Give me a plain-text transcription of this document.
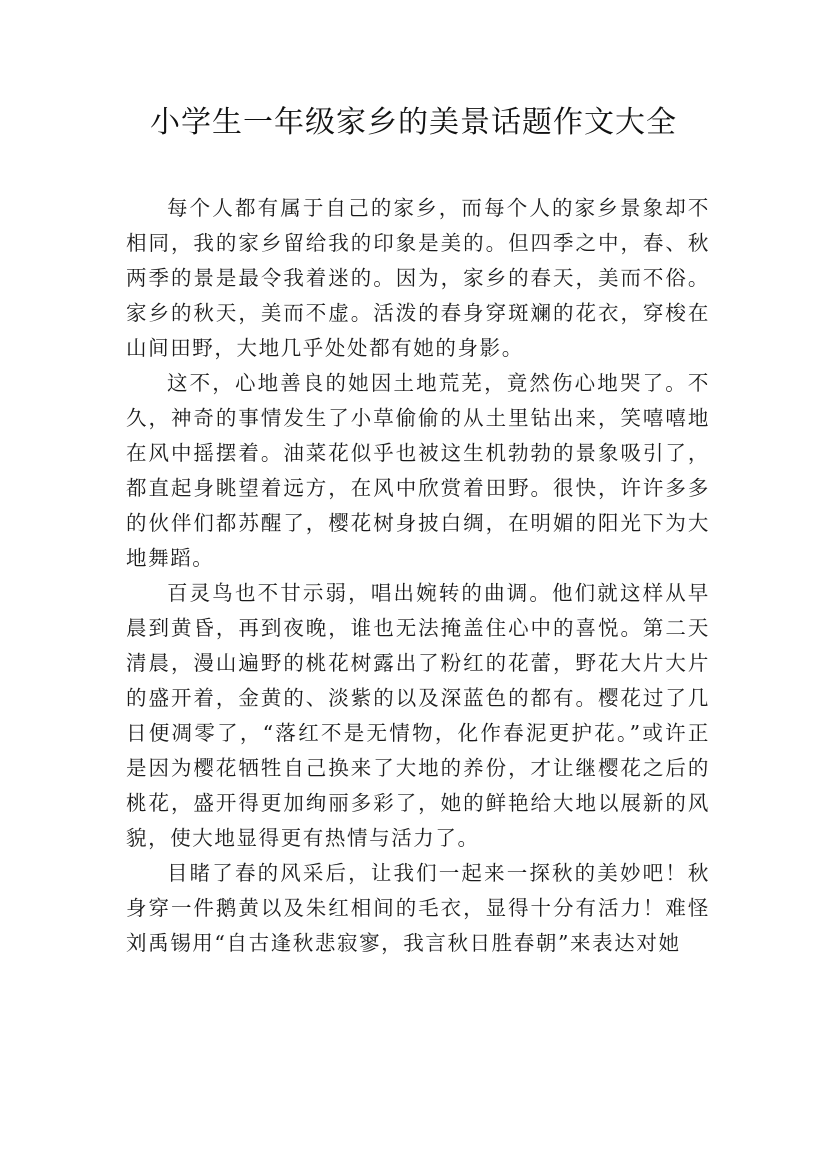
小学生一年级家乡的美景话题作文大全

每个人都有属于自己的家乡，而每个人的家乡景象却不相同，我的家乡留给我的印象是美的。但四季之中，春、秋两季的景是最令我着迷的。因为，家乡的春天，美而不俗。家乡的秋天，美而不虚。活泼的春身穿斑斓的花衣，穿梭在山间田野，大地几乎处处都有她的身影。

这不，心地善良的她因土地荒芜，竟然伤心地哭了。不久，神奇的事情发生了小草偷偷的从土里钻出来，笑嘻嘻地在风中摇摆着。油菜花似乎也被这生机勃勃的景象吸引了，都直起身眺望着远方，在风中欣赏着田野。很快，许许多多的伙伴们都苏醒了，樱花树身披白绸，在明媚的阳光下为大地舞蹈。

百灵鸟也不甘示弱，唱出婉转的曲调。他们就这样从早晨到黄昏，再到夜晚，谁也无法掩盖住心中的喜悦。第二天清晨，漫山遍野的桃花树露出了粉红的花蕾，野花大片大片的盛开着，金黄的、淡紫的以及深蓝色的都有。樱花过了几日便凋零了，“落红不是无情物，化作春泥更护花。”或许正是因为樱花牺牲自己换来了大地的养份，才让继樱花之后的桃花，盛开得更加绚丽多彩了，她的鲜艳给大地以展新的风貌，使大地显得更有热情与活力了。

目睹了春的风采后，让我们一起来一探秋的美妙吧！秋身穿一件鹅黄以及朱红相间的毛衣，显得十分有活力！难怪刘禹锡用“自古逢秋悲寂寥，我言秋日胜春朝”来表达对她
